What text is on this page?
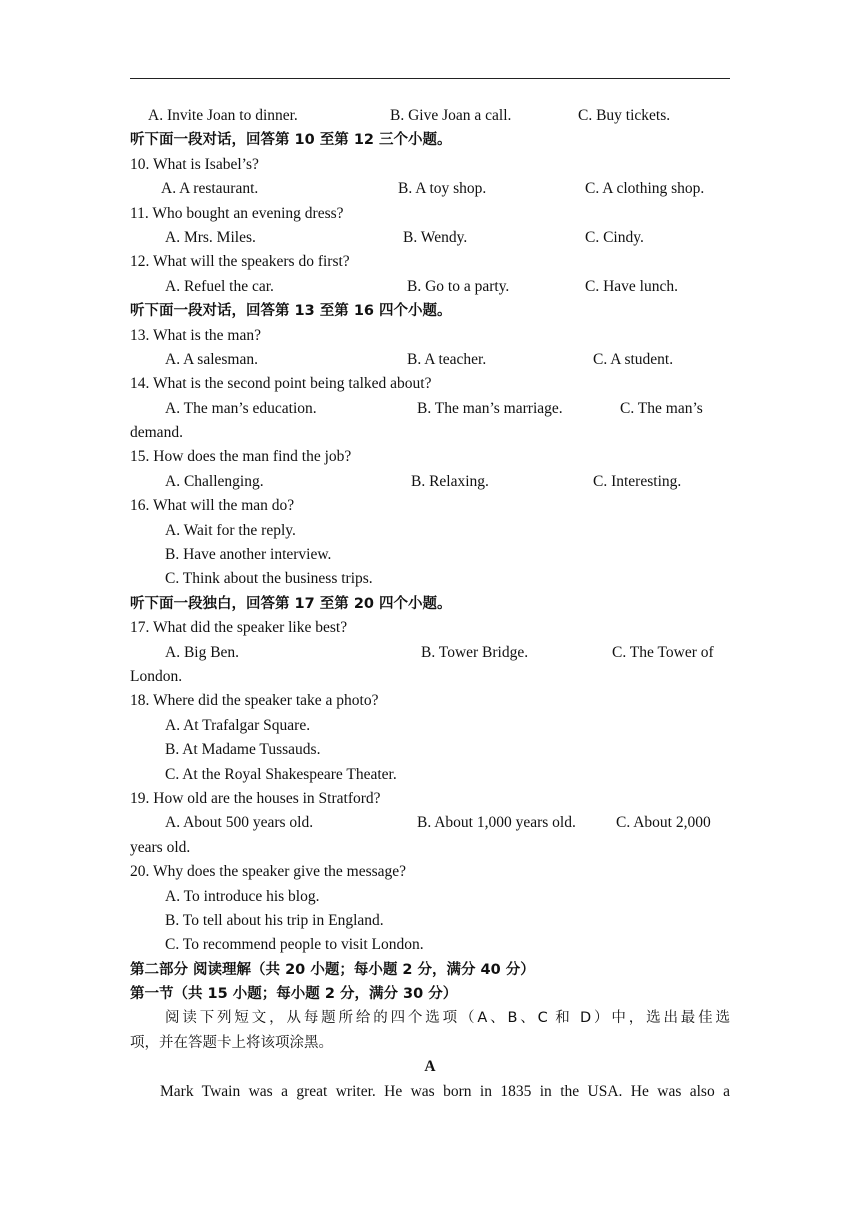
A. Invite Joan to dinner.	B. Give Joan a call.	C. Buy tickets.
听下面一段对话，回答第 10 至第 12 三个小题。
10. What is Isabel’s?
A. A restaurant.	B. A toy shop.	C. A clothing shop.
11. Who bought an evening dress?
A. Mrs. Miles.	B. Wendy.	C. Cindy.
12. What will the speakers do first?
A. Refuel the car.	B. Go to a party.	C. Have lunch.
听下面一段对话，回答第 13 至第 16 四个小题。
13. What is the man?
A. A salesman.	B. A teacher.	C. A student.
14. What is the second point being talked about?
A. The man’s education.	B. The man’s marriage.	C. The man’s
demand.
15. How does the man find the job?
A. Challenging.	B. Relaxing.	C. Interesting.
16. What will the man do?
A. Wait for the reply.
B. Have another interview.
C. Think about the business trips.
听下面一段独白，回答第 17 至第 20 四个小题。
17. What did the speaker like best?
A. Big Ben.	B. Tower Bridge.	C. The Tower of
London.
18. Where did the speaker take a photo?
A. At Trafalgar Square.
B. At Madame Tussauds.
C. At the Royal Shakespeare Theater.
19. How old are the houses in Stratford?
A. About 500 years old.	B. About 1,000 years old.	C. About 2,000
years old.
20. Why does the speaker give the message?
A. To introduce his blog.
B. To tell about his trip in England.
C. To recommend people to visit London.
第二部分 阅读理解（共 20 小题；每小题 2 分，满分 40 分）
第一节（共 15 小题；每小题 2 分，满分 30 分）
阅读下列短文，从每题所给的四个选项（A、B、C 和 D）中，选出最佳选
项，并在答题卡上将该项涂黑。
A
Mark Twain was a great writer. He was born in 1835 in the USA. He was also a
